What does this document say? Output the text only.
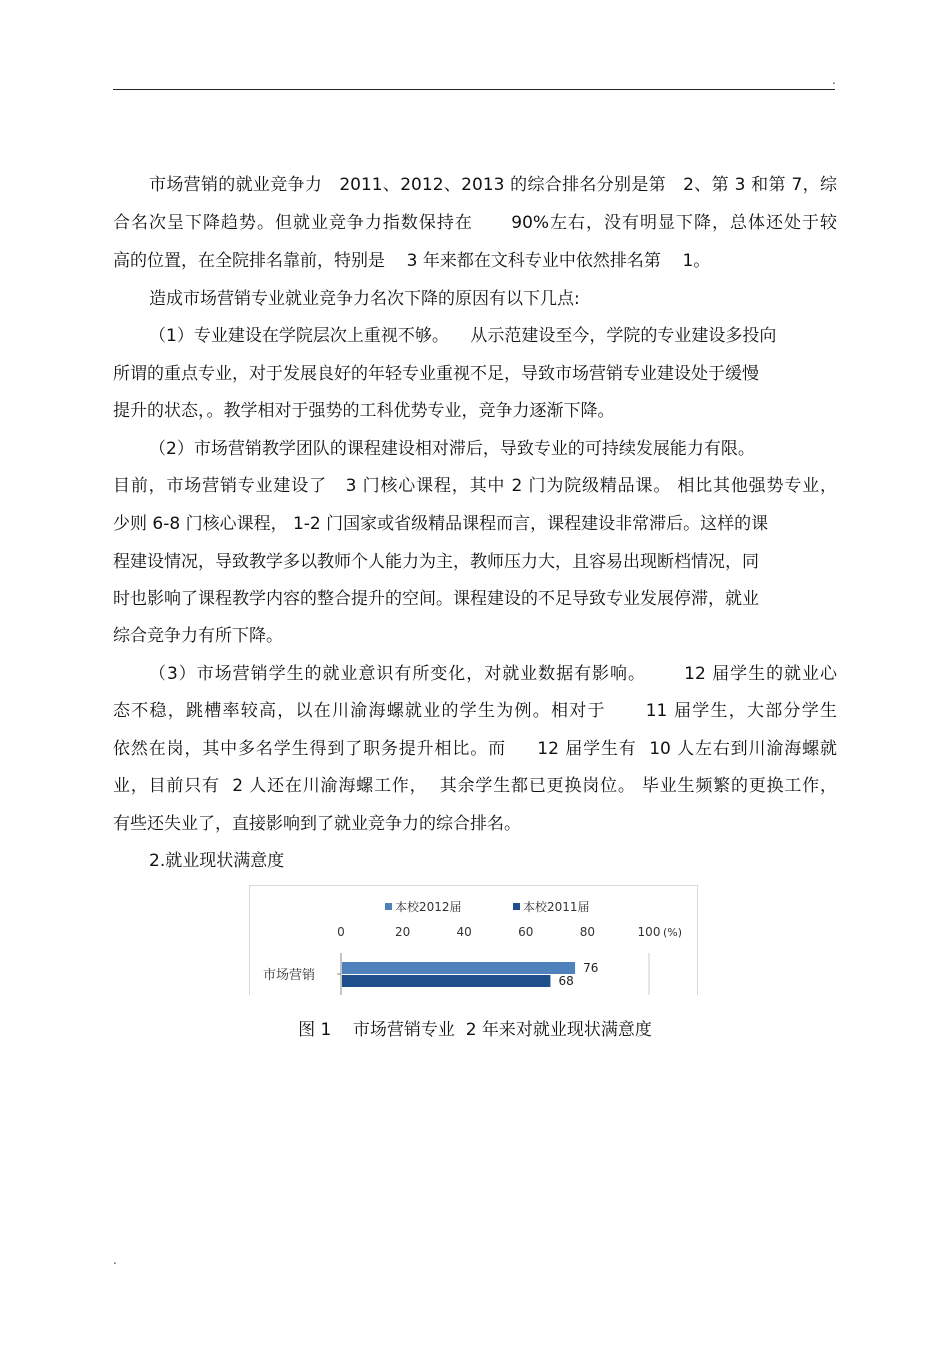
.
市场营销的就业竞争力   2011、2012、2013 的综合排名分别是第   2、第 3 和第 7，综
合名次呈下降趋势。但就业竞争力指数保持在      90%左右，没有明显下降，总体还处于较
高的位置，在全院排名靠前，特别是    3 年来都在文科专业中依然排名第    1。
造成市场营销专业就业竞争力名次下降的原因有以下几点:
（1）专业建设在学院层次上重视不够。    从示范建设至今，学院的专业建设多投向
所谓的重点专业，对于发展良好的年轻专业重视不足，导致市场营销专业建设处于缓慢
提升的状态，。教学相对于强势的工科优势专业，竞争力逐渐下降。
（2）市场营销教学团队的课程建设相对滞后，导致专业的可持续发展能力有限。
目前，市场营销专业建设了   3 门核心课程，其中 2 门为院级精品课。 相比其他强势专业，
少则 6-8 门核心课程， 1-2 门国家或省级精品课程而言，课程建设非常滞后。这样的课
程建设情况，导致教学多以教师个人能力为主，教师压力大，且容易出现断档情况，同
时也影响了课程教学内容的整合提升的空间。课程建设的不足导致专业发展停滞，就业
综合竞争力有所下降。
（3）市场营销学生的就业意识有所变化，对就业数据有影响。      12 届学生的就业心
态不稳，跳槽率较高，以在川渝海螺就业的学生为例。相对于      11 届学生，大部分学生
依然在岗，其中多名学生得到了职务提升相比。而     12 届学生有  10 人左右到川渝海螺就
业，目前只有  2 人还在川渝海螺工作，  其余学生都已更换岗位。 毕业生频繁的更换工作，
有些还失业了，直接影响到了就业竞争力的综合排名。
2.就业现状满意度
本校2012届	本校2011届
0	20	40	60	80	100 (%)
市场营销	76
68
图 1    市场营销专业  2 年来对就业现状满意度
.
